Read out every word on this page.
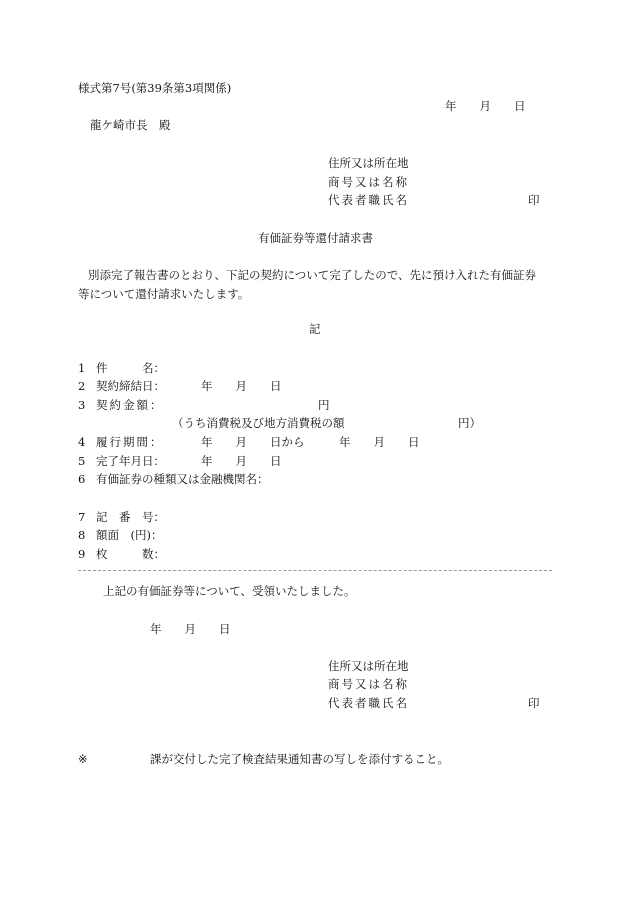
様式第7号(第39条第3項関係)
年　　月　　日
龍ケ崎市長　殿
住所又は所在地
商号又は名称
代表者職氏名	印
有価証券等還付請求書
別添完了報告書のとおり、下記の契約について完了したので、先に預け入れた有価証券
等について還付請求いたします。
記
1 件　　　名：
2 契約締結日：	年　　月　　日
3 契約金額：	円
（うち消費税及び地方消費税の額	円）
4 履行期間：	年　　月　　日から　　　年　　月　　日
5 完了年月日：	年　　月　　日
6 有価証券の種類又は金融機関名：
7 記　番　号：
8 額面　(円)：
9 枚　　　数：
上記の有価証券等について、受領いたしました。
年　　月　　日
住所又は所在地
商号又は名称
代表者職氏名	印
※	課が交付した完了検査結果通知書の写しを添付すること。
